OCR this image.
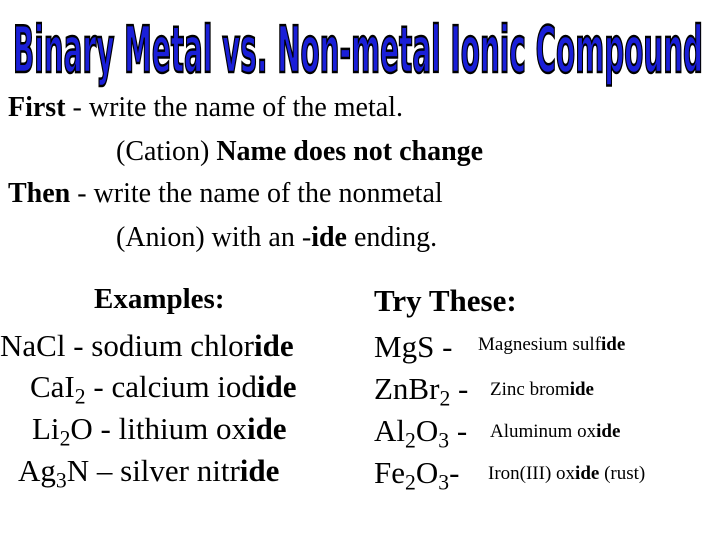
Binary Metal vs. Non-metal Ionic Compound
First - write the name of the metal.
(Cation) Name does not change
Then - write the name of the nonmetal
(Anion) with an -ide ending.
Examples:
NaCl - sodium chloride
CaI$_2$ - calcium iodide
$Li_2O$ - lithium oxide
$Ag_3N$ – silver nitride
Try These:
MgS - Magnesium sulfide
ZnBr$_2$ - Zinc bromide
$Al_2O_3$ - Aluminum oxide
$Fe_2O_3-$ Iron(III) oxide (rust)
